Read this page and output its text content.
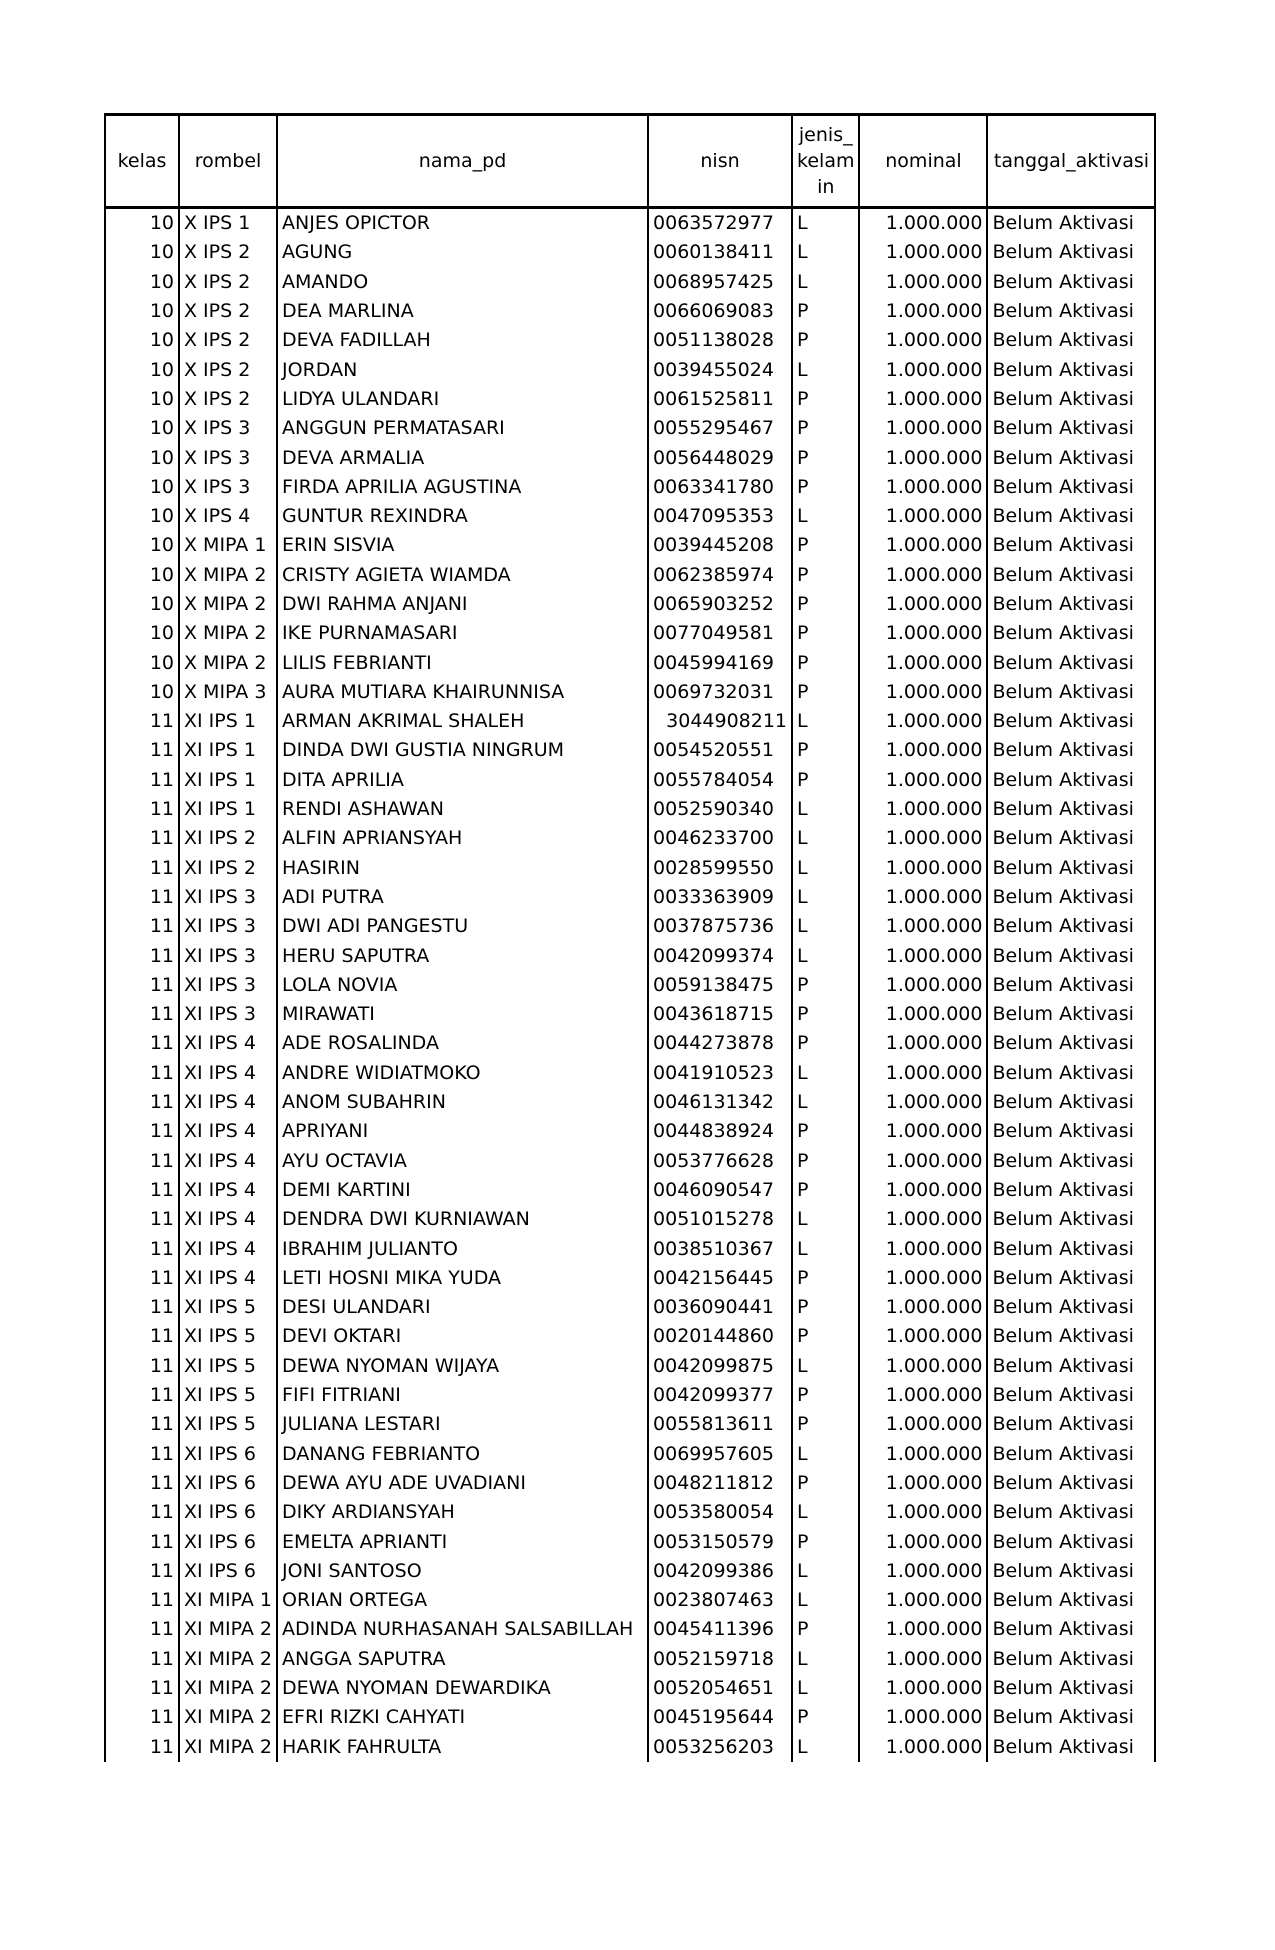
kelas	rombel	nama_pd	nisn	jenis_
kelam
in	nominal	tanggal_aktivasi
10	X IPS 1	ANJES OPICTOR	0063572977	L	1.000.000	Belum Aktivasi
10	X IPS 2	AGUNG	0060138411	L	1.000.000	Belum Aktivasi
10	X IPS 2	AMANDO	0068957425	L	1.000.000	Belum Aktivasi
10	X IPS 2	DEA MARLINA	0066069083	P	1.000.000	Belum Aktivasi
10	X IPS 2	DEVA FADILLAH	0051138028	P	1.000.000	Belum Aktivasi
10	X IPS 2	JORDAN	0039455024	L	1.000.000	Belum Aktivasi
10	X IPS 2	LIDYA ULANDARI	0061525811	P	1.000.000	Belum Aktivasi
10	X IPS 3	ANGGUN PERMATASARI	0055295467	P	1.000.000	Belum Aktivasi
10	X IPS 3	DEVA ARMALIA	0056448029	P	1.000.000	Belum Aktivasi
10	X IPS 3	FIRDA APRILIA AGUSTINA	0063341780	P	1.000.000	Belum Aktivasi
10	X IPS 4	GUNTUR REXINDRA	0047095353	L	1.000.000	Belum Aktivasi
10	X MIPA 1	ERIN SISVIA	0039445208	P	1.000.000	Belum Aktivasi
10	X MIPA 2	CRISTY AGIETA WIAMDA	0062385974	P	1.000.000	Belum Aktivasi
10	X MIPA 2	DWI RAHMA ANJANI	0065903252	P	1.000.000	Belum Aktivasi
10	X MIPA 2	IKE PURNAMASARI	0077049581	P	1.000.000	Belum Aktivasi
10	X MIPA 2	LILIS FEBRIANTI	0045994169	P	1.000.000	Belum Aktivasi
10	X MIPA 3	AURA MUTIARA KHAIRUNNISA	0069732031	P	1.000.000	Belum Aktivasi
11	XI IPS 1	ARMAN AKRIMAL SHALEH	3044908211	L	1.000.000	Belum Aktivasi
11	XI IPS 1	DINDA DWI GUSTIA NINGRUM	0054520551	P	1.000.000	Belum Aktivasi
11	XI IPS 1	DITA APRILIA	0055784054	P	1.000.000	Belum Aktivasi
11	XI IPS 1	RENDI ASHAWAN	0052590340	L	1.000.000	Belum Aktivasi
11	XI IPS 2	ALFIN APRIANSYAH	0046233700	L	1.000.000	Belum Aktivasi
11	XI IPS 2	HASIRIN	0028599550	L	1.000.000	Belum Aktivasi
11	XI IPS 3	ADI PUTRA	0033363909	L	1.000.000	Belum Aktivasi
11	XI IPS 3	DWI ADI PANGESTU	0037875736	L	1.000.000	Belum Aktivasi
11	XI IPS 3	HERU SAPUTRA	0042099374	L	1.000.000	Belum Aktivasi
11	XI IPS 3	LOLA NOVIA	0059138475	P	1.000.000	Belum Aktivasi
11	XI IPS 3	MIRAWATI	0043618715	P	1.000.000	Belum Aktivasi
11	XI IPS 4	ADE ROSALINDA	0044273878	P	1.000.000	Belum Aktivasi
11	XI IPS 4	ANDRE WIDIATMOKO	0041910523	L	1.000.000	Belum Aktivasi
11	XI IPS 4	ANOM SUBAHRIN	0046131342	L	1.000.000	Belum Aktivasi
11	XI IPS 4	APRIYANI	0044838924	P	1.000.000	Belum Aktivasi
11	XI IPS 4	AYU OCTAVIA	0053776628	P	1.000.000	Belum Aktivasi
11	XI IPS 4	DEMI KARTINI	0046090547	P	1.000.000	Belum Aktivasi
11	XI IPS 4	DENDRA DWI KURNIAWAN	0051015278	L	1.000.000	Belum Aktivasi
11	XI IPS 4	IBRAHIM JULIANTO	0038510367	L	1.000.000	Belum Aktivasi
11	XI IPS 4	LETI HOSNI MIKA YUDA	0042156445	P	1.000.000	Belum Aktivasi
11	XI IPS 5	DESI ULANDARI	0036090441	P	1.000.000	Belum Aktivasi
11	XI IPS 5	DEVI OKTARI	0020144860	P	1.000.000	Belum Aktivasi
11	XI IPS 5	DEWA NYOMAN WIJAYA	0042099875	L	1.000.000	Belum Aktivasi
11	XI IPS 5	FIFI FITRIANI	0042099377	P	1.000.000	Belum Aktivasi
11	XI IPS 5	JULIANA LESTARI	0055813611	P	1.000.000	Belum Aktivasi
11	XI IPS 6	DANANG FEBRIANTO	0069957605	L	1.000.000	Belum Aktivasi
11	XI IPS 6	DEWA AYU ADE UVADIANI	0048211812	P	1.000.000	Belum Aktivasi
11	XI IPS 6	DIKY ARDIANSYAH	0053580054	L	1.000.000	Belum Aktivasi
11	XI IPS 6	EMELTA APRIANTI	0053150579	P	1.000.000	Belum Aktivasi
11	XI IPS 6	JONI SANTOSO	0042099386	L	1.000.000	Belum Aktivasi
11	XI MIPA 1	ORIAN ORTEGA	0023807463	L	1.000.000	Belum Aktivasi
11	XI MIPA 2	ADINDA NURHASANAH SALSABILLAH	0045411396	P	1.000.000	Belum Aktivasi
11	XI MIPA 2	ANGGA SAPUTRA	0052159718	L	1.000.000	Belum Aktivasi
11	XI MIPA 2	DEWA NYOMAN DEWARDIKA	0052054651	L	1.000.000	Belum Aktivasi
11	XI MIPA 2	EFRI RIZKI CAHYATI	0045195644	P	1.000.000	Belum Aktivasi
11	XI MIPA 2	HARIK FAHRULTA	0053256203	L	1.000.000	Belum Aktivasi
